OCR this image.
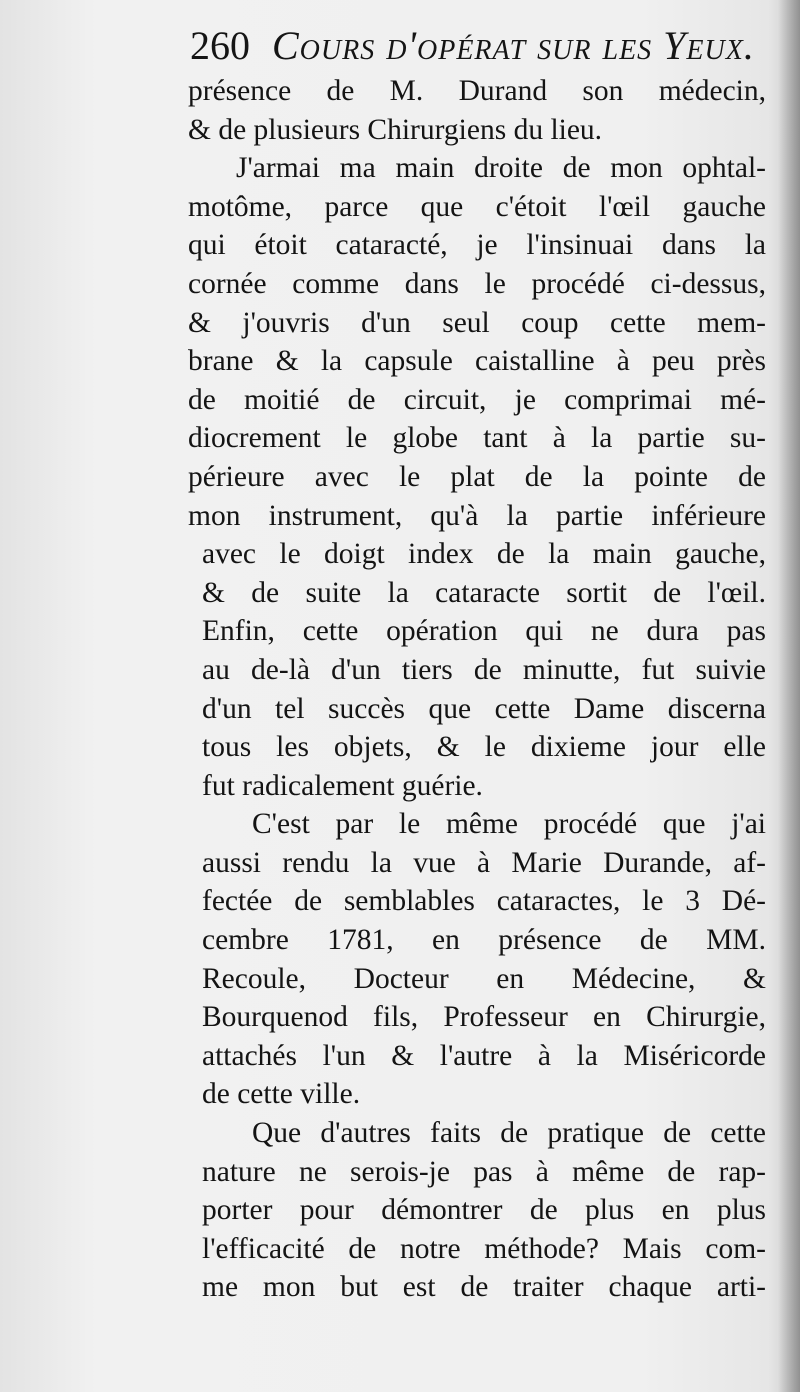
260 Cours d'opérat sur les Yeux.
présence de M. Durand son médecin,
& de plusieurs Chirurgiens du lieu.
J'armai ma main droite de mon ophtal-
motôme, parce que c'étoit l'œil gauche
qui étoit cataracté, je l'insinuai dans la
cornée comme dans le procédé ci-dessus,
& j'ouvris d'un seul coup cette mem-
brane & la capsule caistalline à peu près
de moitié de circuit, je comprimai mé-
diocrement le globe tant à la partie su-
périeure avec le plat de la pointe de
mon instrument, qu'à la partie inférieure
avec le doigt index de la main gauche,
& de suite la cataracte sortit de l'œil.
Enfin, cette opération qui ne dura pas
au de-là d'un tiers de minutte, fut suivie
d'un tel succès que cette Dame discerna
tous les objets, & le dixieme jour elle
fut radicalement guérie.
C'est par le même procédé que j'ai
aussi rendu la vue à Marie Durande, af-
fectée de semblables cataractes, le 3 Dé-
cembre 1781, en présence de MM.
Recoule, Docteur en Médecine, &
Bourquenod fils, Professeur en Chirurgie,
attachés l'un & l'autre à la Miséricorde
de cette ville.
Que d'autres faits de pratique de cette
nature ne serois-je pas à même de rap-
porter pour démontrer de plus en plus
l'efficacité de notre méthode? Mais com-
me mon but est de traiter chaque arti-
